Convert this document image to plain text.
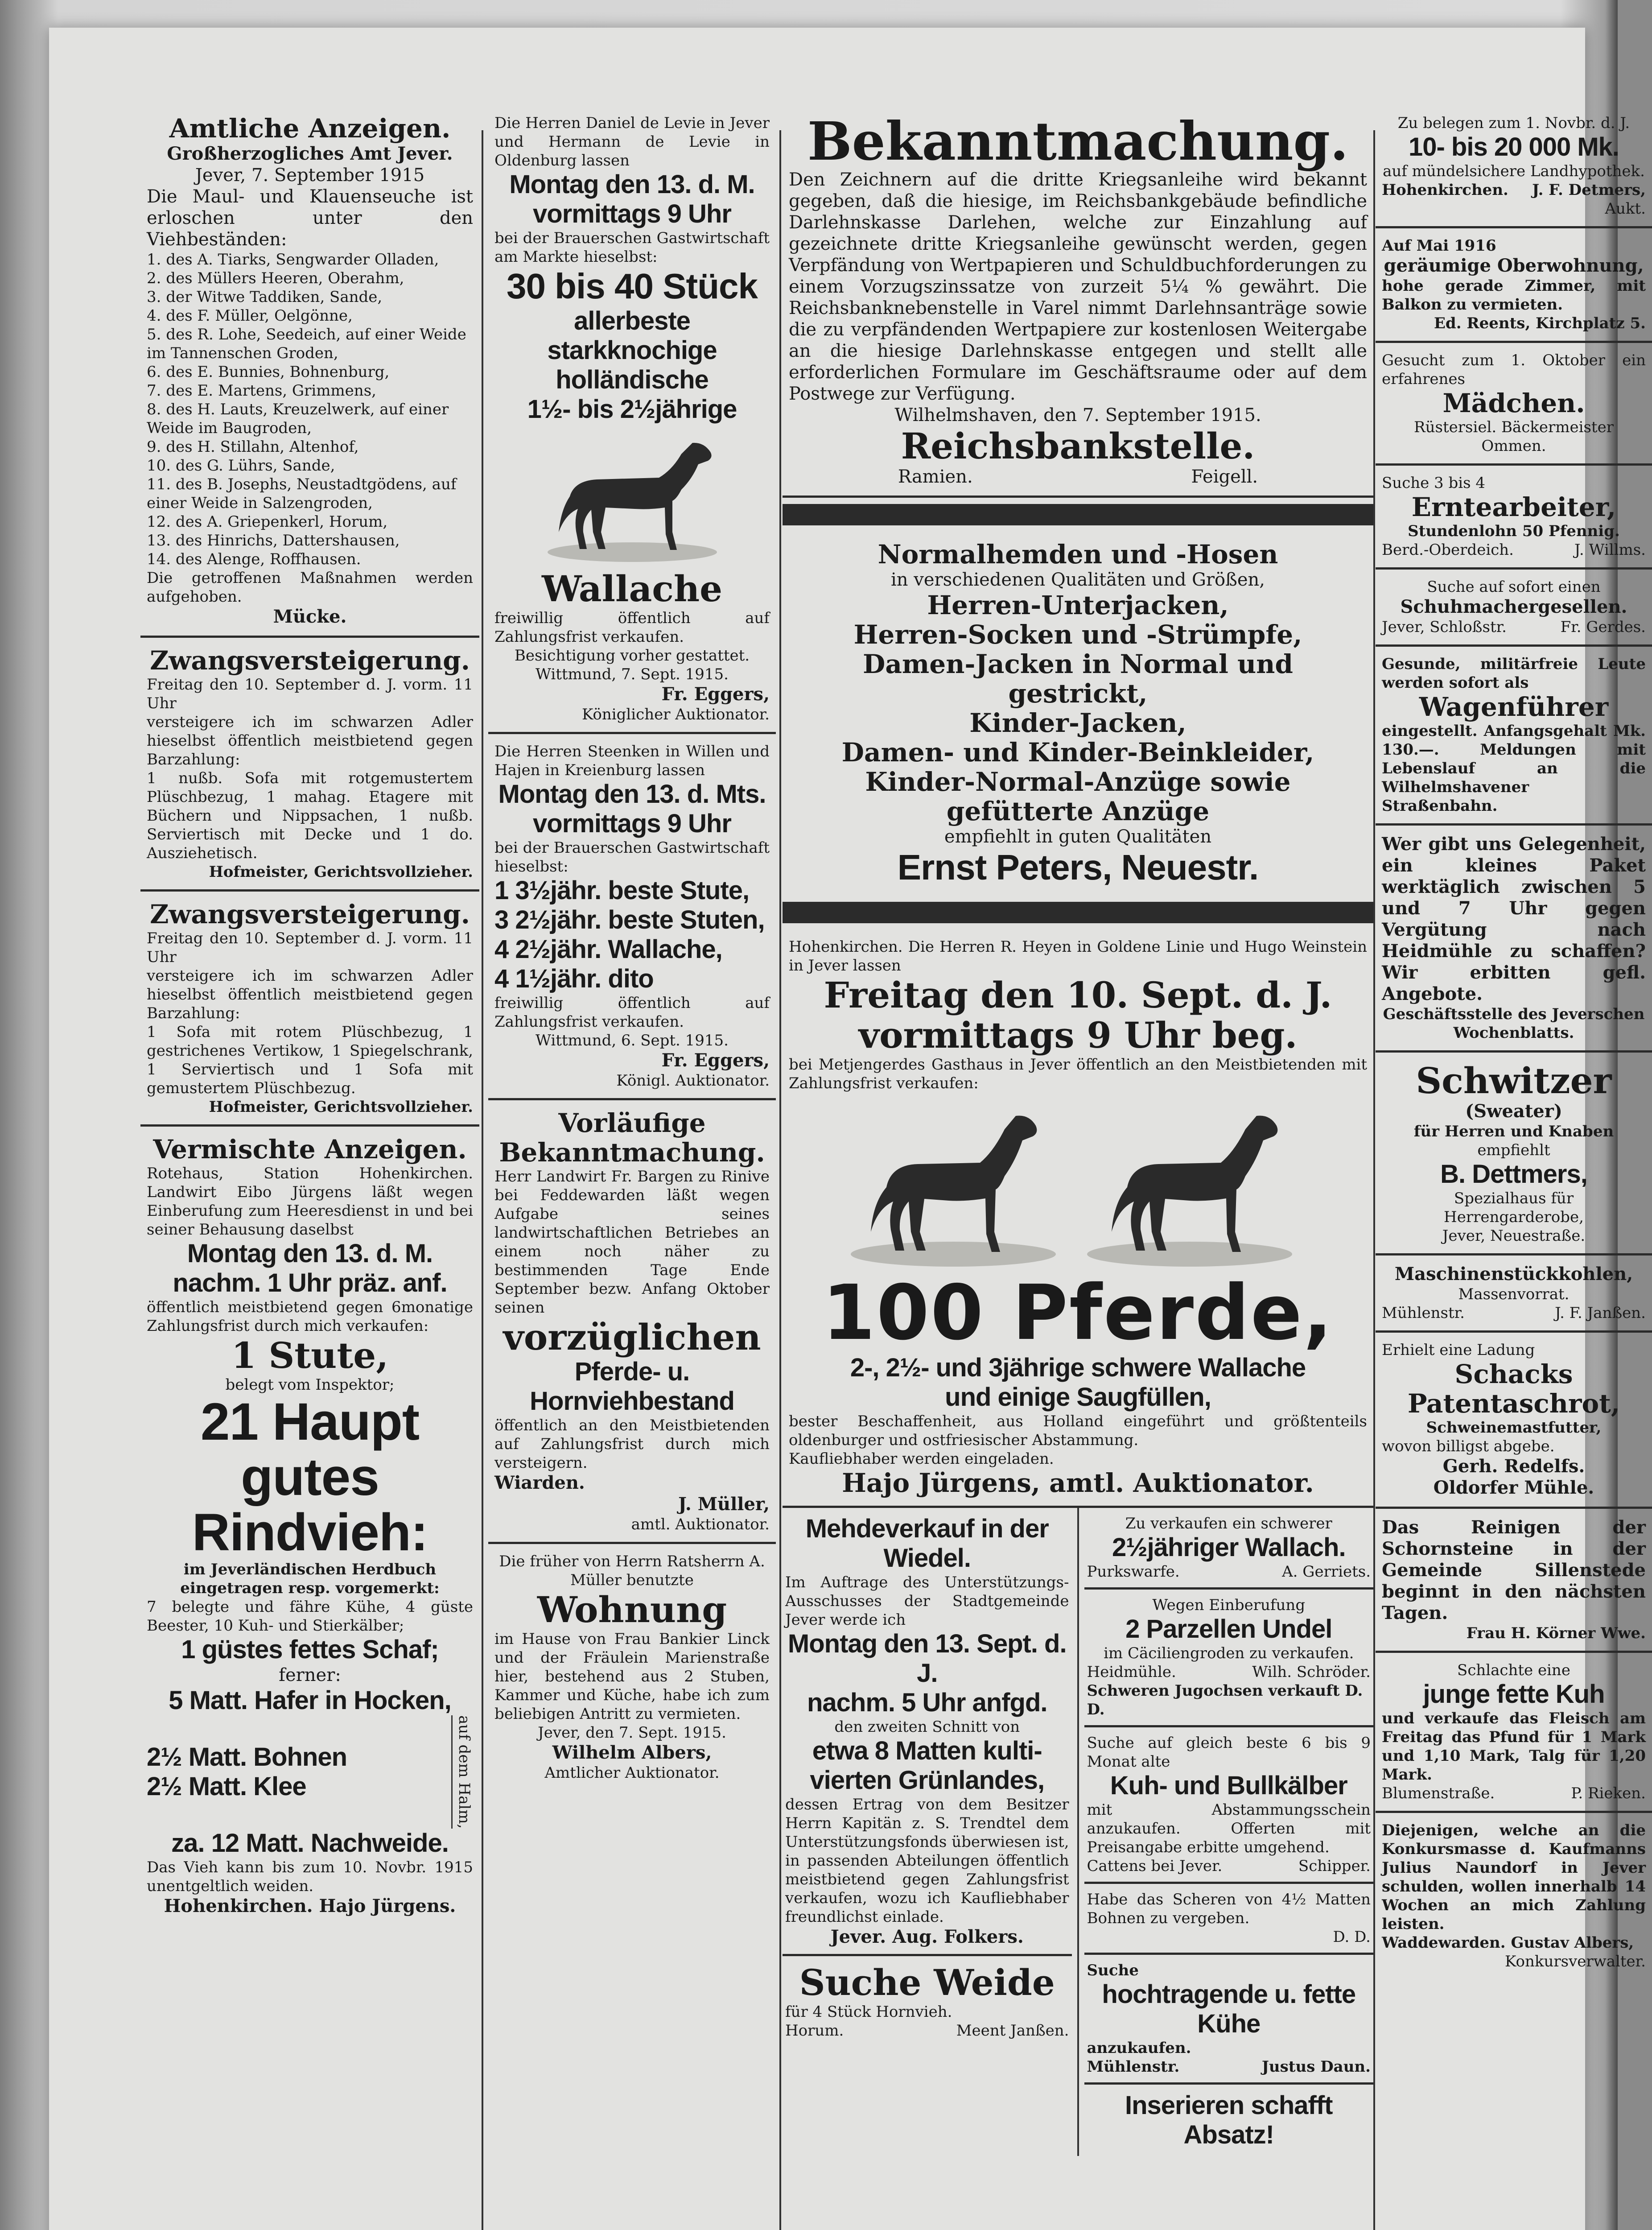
Amtliche Anzeigen.
Großherzogliches Amt Jever.
Jever, 7. September 1915
Die Maul- und Klauenseuche ist erloschen unter den Viehbeständen:
1. des A. Tiarks, Sengwarder Olladen,
2. des Müllers Heeren, Oberahm,
3. der Witwe Taddiken, Sande,
4. des F. Müller, Oelgönne,
5. des R. Lohe, Seedeich, auf einer Weide im Tannenschen Groden,
6. des E. Bunnies, Bohnenburg,
7. des E. Martens, Grimmens,
8. des H. Lauts, Kreuzelwerk, auf einer Weide im Baugroden,
9. des H. Stillahn, Altenhof,
10. des G. Lührs, Sande,
11. des B. Josephs, Neustadtgödens, auf einer Weide in Salzengroden,
12. des A. Griepenkerl, Horum,
13. des Hinrichs, Dattershausen,
14. des Alenge, Roffhausen.
Die getroffenen Maßnahmen werden aufgehoben.
Mücke.
Zwangsversteigerung.
Freitag den 10. September d. J. vorm. 11 Uhr
versteigere ich im schwarzen Adler hieselbst öffentlich meistbietend gegen Barzahlung:
1 nußb. Sofa mit rotgemustertem Plüschbezug, 1 mahag. Etagere mit Büchern und Nippsachen, 1 nußb. Serviertisch mit Decke und 1 do. Ausziehetisch.
Hofmeister, Gerichtsvollzieher.
Zwangsversteigerung.
Freitag den 10. September d. J. vorm. 11 Uhr
versteigere ich im schwarzen Adler hieselbst öffentlich meistbietend gegen Barzahlung:
1 Sofa mit rotem Plüschbezug, 1 gestrichenes Vertikow, 1 Spiegelschrank, 1 Serviertisch und 1 Sofa mit gemustertem Plüschbezug.
Hofmeister, Gerichtsvollzieher.
Vermischte Anzeigen.
Rotehaus, Station Hohenkirchen. Landwirt Eibo Jürgens läßt wegen Einberufung zum Heeresdienst in und bei seiner Behausung daselbst
Montag den 13. d. M.
nachm. 1 Uhr präz. anf.
öffentlich meistbietend gegen 6monatige Zahlungsfrist durch mich verkaufen:
1 Stute,
belegt vom Inspektor;
21 Haupt gutes Rindvieh:
im Jeverländischen Herdbuch eingetragen resp. vorgemerkt:
7 belegte und fähre Kühe, 4 güste Beester, 10 Kuh- und Stierkälber;
1 güstes fettes Schaf;
ferner:
5 Matt. Hafer in Hocken,
2½ Matt. Bohnen
2½ Matt. Klee	auf dem Halm,
za. 12 Matt. Nachweide.
Das Vieh kann bis zum 10. Novbr. 1915 unentgeltlich weiden.
Hohenkirchen. Hajo Jürgens.
Die Herren Daniel de Levie in Jever und Hermann de Levie in Oldenburg lassen
Montag den 13. d. M.
vormittags 9 Uhr
bei der Brauerschen Gastwirtschaft am Markte hieselbst:
30 bis 40 Stück
allerbeste starkknochige
holländische
1½- bis 2½jährige
Wallache
freiwillig öffentlich auf Zahlungsfrist verkaufen.
Besichtigung vorher gestattet.
Wittmund, 7. Sept. 1915.
Fr. Eggers,
Königlicher Auktionator.
Die Herren Steenken in Willen und Hajen in Kreienburg lassen
Montag den 13. d. Mts.
vormittags 9 Uhr
bei der Brauerschen Gastwirtschaft hieselbst:
1 3½jähr. beste Stute,
3 2½jähr. beste Stuten,
4 2½jähr. Wallache,
4 1½jähr. dito
freiwillig öffentlich auf Zahlungsfrist verkaufen.
Wittmund, 6. Sept. 1915.
Fr. Eggers,
Königl. Auktionator.
Vorläufige
Bekanntmachung.
Herr Landwirt Fr. Bargen zu Rinive bei Feddewarden läßt wegen Aufgabe seines landwirtschaftlichen Betriebes an einem noch näher zu bestimmenden Tage Ende September bezw. Anfang Oktober seinen
vorzüglichen
Pferde- u. Hornviehbestand
öffentlich an den Meistbietenden auf Zahlungsfrist durch mich versteigern.
Wiarden.
J. Müller,
amtl. Auktionator.
Die früher von Herrn Ratsherrn A. Müller benutzte
Wohnung
im Hause von Frau Bankier Linck und der Fräulein Marienstraße hier, bestehend aus 2 Stuben, Kammer und Küche, habe ich zum beliebigen Antritt zu vermieten.
Jever, den 7. Sept. 1915.
Wilhelm Albers,
Amtlicher Auktionator.
Bekanntmachung.
Den Zeichnern auf die dritte Kriegsanleihe wird bekannt gegeben, daß die hiesige, im Reichsbankgebäude befindliche Darlehnskasse Darlehen, welche zur Einzahlung auf gezeichnete dritte Kriegsanleihe gewünscht werden, gegen Verpfändung von Wertpapieren und Schuldbuchforderungen zu einem Vorzugszinssatze von zurzeit 5¼ % gewährt. Die Reichsbanknebenstelle in Varel nimmt Darlehnsanträge sowie die zu verpfändenden Wertpapiere zur kostenlosen Weitergabe an die hiesige Darlehnskasse entgegen und stellt alle erforderlichen Formulare im Geschäftsraume oder auf dem Postwege zur Verfügung.
Wilhelmshaven, den 7. September 1915.
Reichsbankstelle.
Ramien.	Feigell.
Normalhemden und -Hosen
in verschiedenen Qualitäten und Größen,
Herren-Unterjacken,
Herren-Socken und -Strümpfe,
Damen-Jacken in Normal und gestrickt,
Kinder-Jacken,
Damen- und Kinder-Beinkleider,
Kinder-Normal-Anzüge sowie gefütterte Anzüge
empfiehlt in guten Qualitäten
Ernst Peters, Neuestr.
Hohenkirchen. Die Herren R. Heyen in Goldene Linie und Hugo Weinstein in Jever lassen
Freitag den 10. Sept. d. J.
vormittags 9 Uhr beg.
bei Metjengerdes Gasthaus in Jever öffentlich an den Meistbietenden mit Zahlungsfrist verkaufen:
100 Pferde,
2-, 2½- und 3jährige schwere Wallache
und einige Saugfüllen,
bester Beschaffenheit, aus Holland eingeführt und größtenteils oldenburger und ostfriesischer Abstammung.
Kaufliebhaber werden eingeladen.
Hajo Jürgens, amtl. Auktionator.
Mehdeverkauf in der
Wiedel.
Im Auftrage des Unterstützungs-Ausschusses der Stadtgemeinde Jever werde ich
Montag den 13. Sept. d. J.
nachm. 5 Uhr anfgd.
den zweiten Schnitt von
etwa 8 Matten kulti-
vierten Grünlandes,
dessen Ertrag von dem Besitzer Herrn Kapitän z. S. Trendtel dem Unterstützungsfonds überwiesen ist, in passenden Abteilungen öffentlich meistbietend gegen Zahlungsfrist verkaufen, wozu ich Kaufliebhaber freundlichst einlade.
Jever. Aug. Folkers.
Suche Weide
für 4 Stück Hornvieh.
Horum.	Meent Janßen.
Zu verkaufen ein schwerer
2½jähriger Wallach.
Purkswarfe.	A. Gerriets.
Wegen Einberufung
2 Parzellen Undel
im Cäciliengroden zu verkaufen.
Heidmühle.	Wilh. Schröder.
Schweren Jugochsen verkauft D. D.
Suche auf gleich beste 6 bis 9 Monat alte
Kuh- und Bullkälber
mit Abstammungsschein anzukaufen. Offerten mit Preisangabe erbitte umgehend.
Cattens bei Jever.	Schipper.
Habe das Scheren von 4½ Matten Bohnen zu vergeben.
D. D.
Suche
hochtragende u. fette Kühe
anzukaufen.
Mühlenstr.	Justus Daun.
Inserieren schafft Absatz!
Zu belegen zum 1. Novbr. d. J.
10- bis 20 000 Mk.
auf mündelsichere Landhypothek.
Hohenkirchen. J. F. Detmers,
Aukt.
Auf Mai 1916
geräumige Oberwohnung,
hohe gerade Zimmer, mit Balkon zu vermieten.
Ed. Reents, Kirchplatz 5.
Gesucht zum 1. Oktober ein erfahrenes
Mädchen.
Rüstersiel. Bäckermeister Ommen.
Suche 3 bis 4
Erntearbeiter,
Stundenlohn 50 Pfennig.
Berd.-Oberdeich.	J. Willms.
Suche auf sofort einen
Schuhmachergesellen.
Jever, Schloßstr.	Fr. Gerdes.
Gesunde, militärfreie Leute werden sofort als
Wagenführer
eingestellt. Anfangsgehalt Mk. 130.—. Meldungen mit Lebenslauf an die Wilhelmshavener Straßenbahn.
Wer gibt uns Gelegenheit, ein kleines Paket werktäglich zwischen 5 und 7 Uhr gegen Vergütung nach Heidmühle zu schaffen? Wir erbitten gefl. Angebote.
Geschäftsstelle des Jeverschen Wochenblatts.
Schwitzer
(Sweater)
für Herren und Knaben
empfiehlt
B. Dettmers,
Spezialhaus für Herrengarderobe,
Jever, Neuestraße.
Maschinenstückkohlen,
Massenvorrat.
Mühlenstr.	J. F. Janßen.
Erhielt eine Ladung
Schacks
Patentaschrot,
Schweinemastfutter,
wovon billigst abgebe.
Gerh. Redelfs.
Oldorfer Mühle.
Das Reinigen der Schornsteine in der Gemeinde Sillenstede beginnt in den nächsten Tagen.
Frau H. Körner Wwe.
Schlachte eine
junge fette Kuh
und verkaufe das Fleisch am Freitag das Pfund für 1 Mark und 1,10 Mark, Talg für 1,20 Mark.
Blumenstraße.	P. Rieken.
Diejenigen, welche an die Konkursmasse d. Kaufmanns Julius Naundorf in Jever schulden, wollen innerhalb 14 Wochen an mich Zahlung leisten.
Waddewarden. Gustav Albers,
Konkursverwalter.
